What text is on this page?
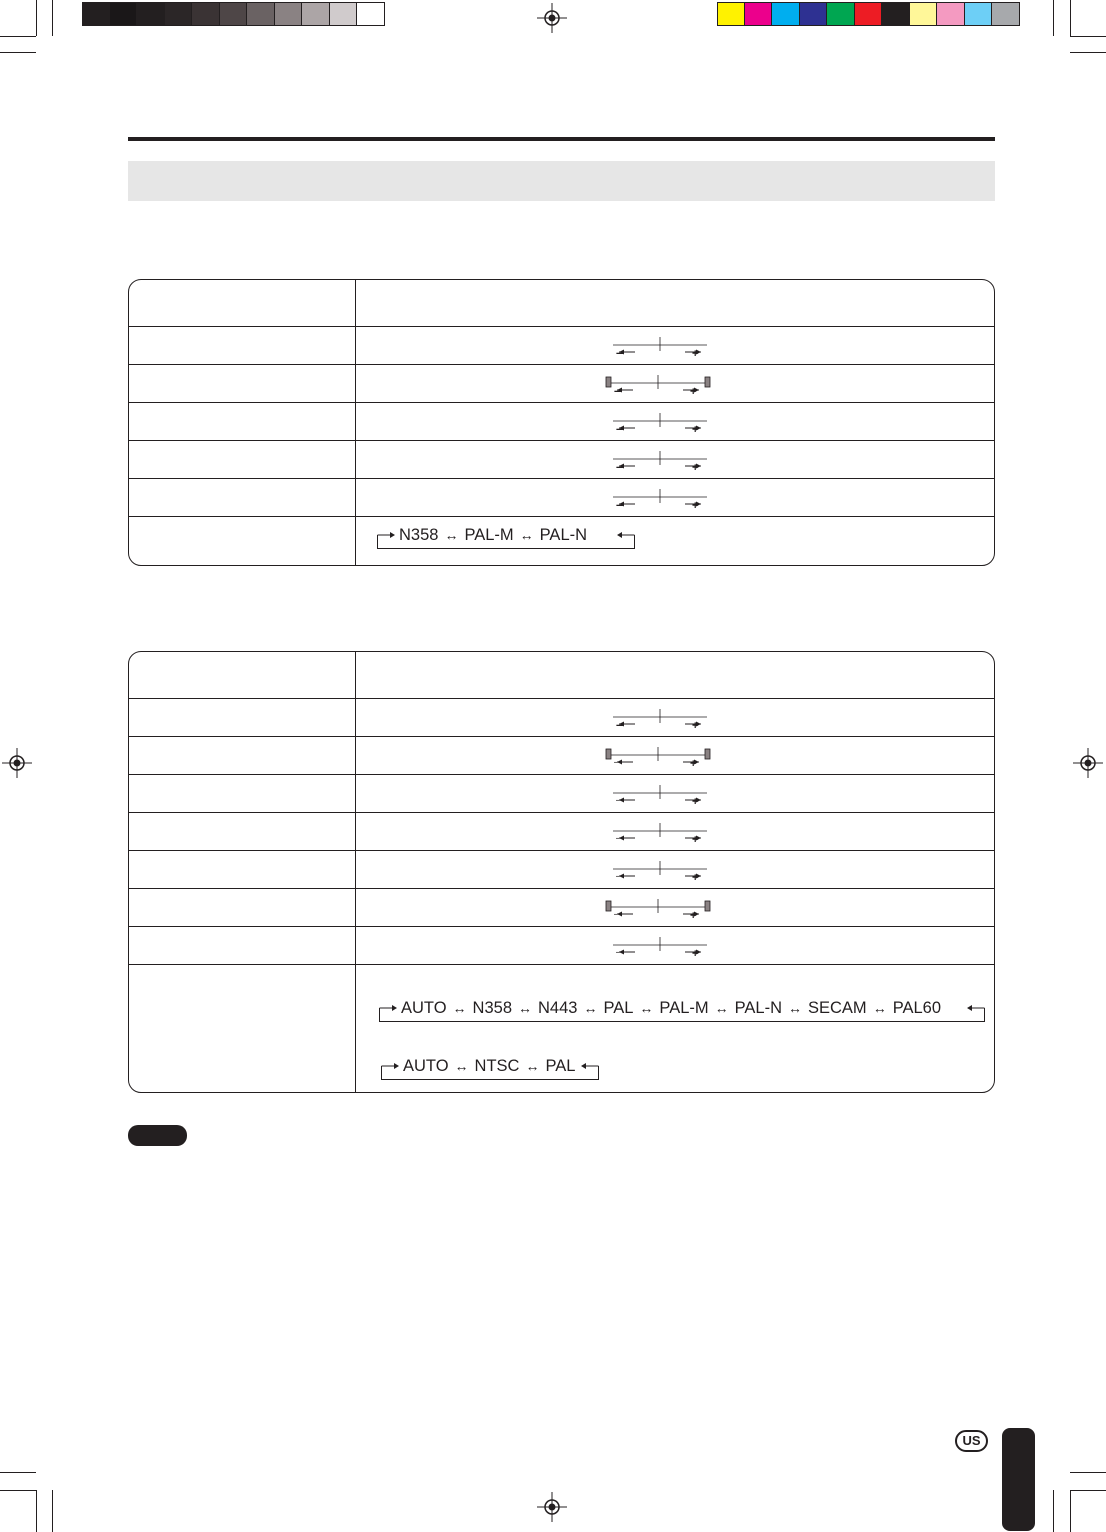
–	+
–	+
–	+
–	+
–	+
N358 ↔ PAL-M ↔ PAL-N
–	+
–	+
–	+
–	+
–	+
–	+
–	+
AUTO ↔ N358 ↔ N443 ↔ PAL ↔ PAL-M ↔ PAL-N ↔ SECAM ↔ PAL60
AUTO ↔ NTSC ↔ PAL
US
